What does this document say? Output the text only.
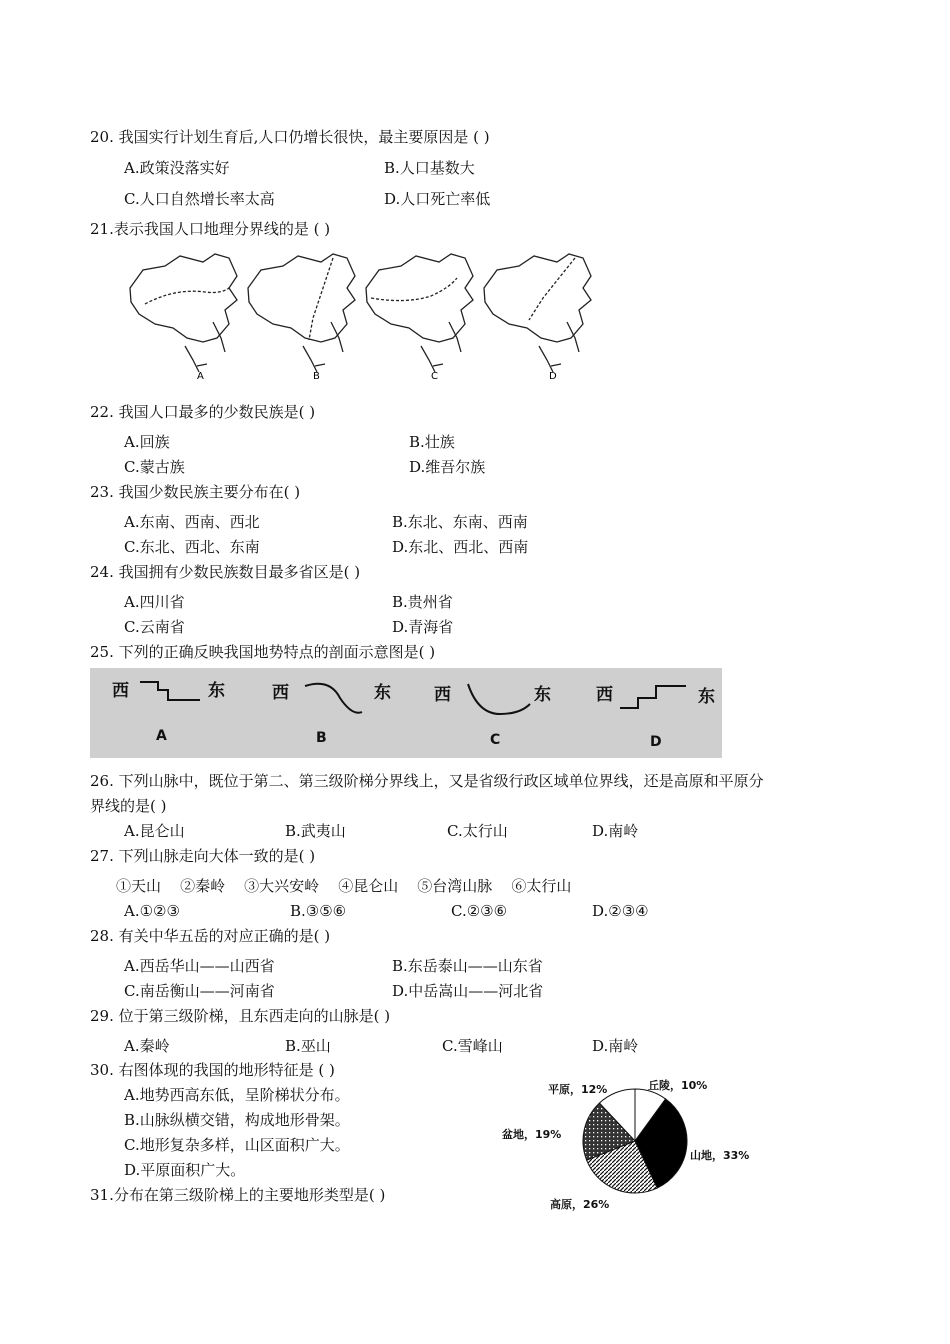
20. 我国实行计划生育后,人口仍增长很快，最主要原因是 ( )
A.政策没落实好	B.人口基数大
C.人口自然增长率太高	D.人口死亡率低
21.表示我国人口地理分界线的是 ( )
A	B	C	D
22. 我国人口最多的少数民族是( )
A.回族	B.壮族
C.蒙古族	D.维吾尔族
23. 我国少数民族主要分布在( )
A.东南、西南、西北	B.东北、东南、西南
C.东北、西北、东南	D.东北、西北、西南
24. 我国拥有少数民族数目最多省区是( )
A.四川省	B.贵州省
C.云南省	D.青海省
25. 下列的正确反映我国地势特点的剖面示意图是( )
西	东	西	东	西	东	西	东
A	B	C	D
26. 下列山脉中，既位于第二、第三级阶梯分界线上，又是省级行政区域单位界线，还是高原和平原分
界线的是( )
A.昆仑山	B.武夷山	C.太行山	D.南岭
27. 下列山脉走向大体一致的是( )
①天山    ②秦岭    ③大兴安岭    ④昆仑山    ⑤台湾山脉    ⑥太行山
A.①②③	B.③⑤⑥	C.②③⑥	D.②③④
28. 有关中华五岳的对应正确的是( )
A.西岳华山——山西省	B.东岳泰山——山东省
C.南岳衡山——河南省	D.中岳嵩山——河北省
29. 位于第三级阶梯，且东西走向的山脉是( )
A.秦岭	B.巫山	C.雪峰山	D.南岭
30. 右图体现的我国的地形特征是 ( )
A.地势西高东低，呈阶梯状分布。
B.山脉纵横交错，构成地形骨架。
C.地形复杂多样，山区面积广大。
D.平原面积广大。
31.分布在第三级阶梯上的主要地形类型是( )
平原，12%	丘陵，10%
山地，33%
高原，26%
盆地，19%
